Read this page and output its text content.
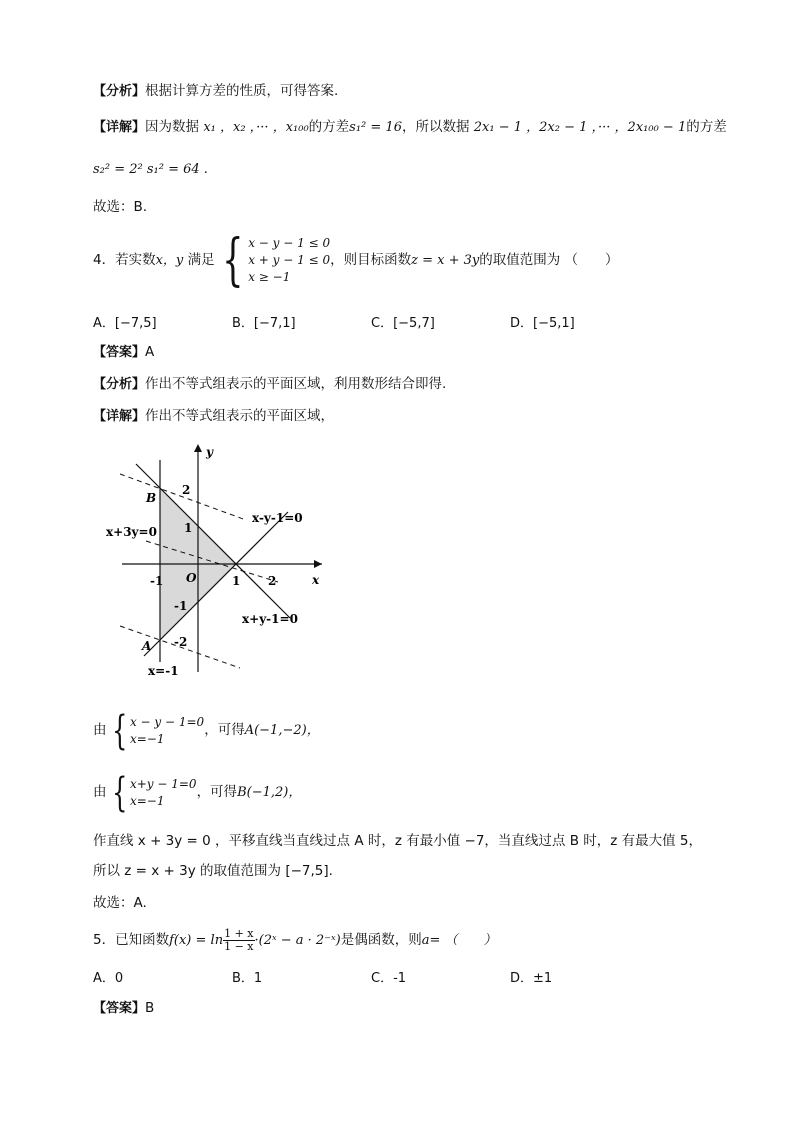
【分析】根据计算方差的性质，可得答案.
【详解】因为数据 x₁ ，x₂ ，··· ，x₁₀₀的方差s₁² = 16，所以数据 2x₁ − 1 ，2x₂ − 1 ，··· ，2x₁₀₀ − 1的方差
s₂² = 2² s₁² = 64 .
故选：B.
4．若实数x，y 满足 { x − y − 1 ≤ 0
x + y − 1 ≤ 0
x ≥ −1
，则目标函数z = x + 3y的取值范围为 （　　）
A．[−7,5]	B．[−7,1]	C．[−5,7]	D．[−5,1]
【答案】A
【分析】作出不等式组表示的平面区域，利用数形结合即得.
【详解】作出不等式组表示的平面区域，
y
x
2
1
-1 O	1 2
-1
-2
B
A
x-y-1=0
x+y-1=0
x+3y=0
x=-1
由 { x − y − 1=0
x=−1
，可得A(−1,−2)，
由 { x+y − 1=0
x=−1
，可得B(−1,2)，
作直线 x + 3y = 0 ，平移直线当直线过点 A 时，z 有最小值 −7，当直线过点 B 时，z 有最大值 5，
所以 z = x + 3y 的取值范围为 [−7,5].
故选：A.
5．已知函数$f(x) = \ln \frac{1 + x}{1 - x}$ ·(2ˣ − a · 2⁻ˣ)是偶函数，则a= （　　）
A．0	B．1	C．-1	D．±1
【答案】B
